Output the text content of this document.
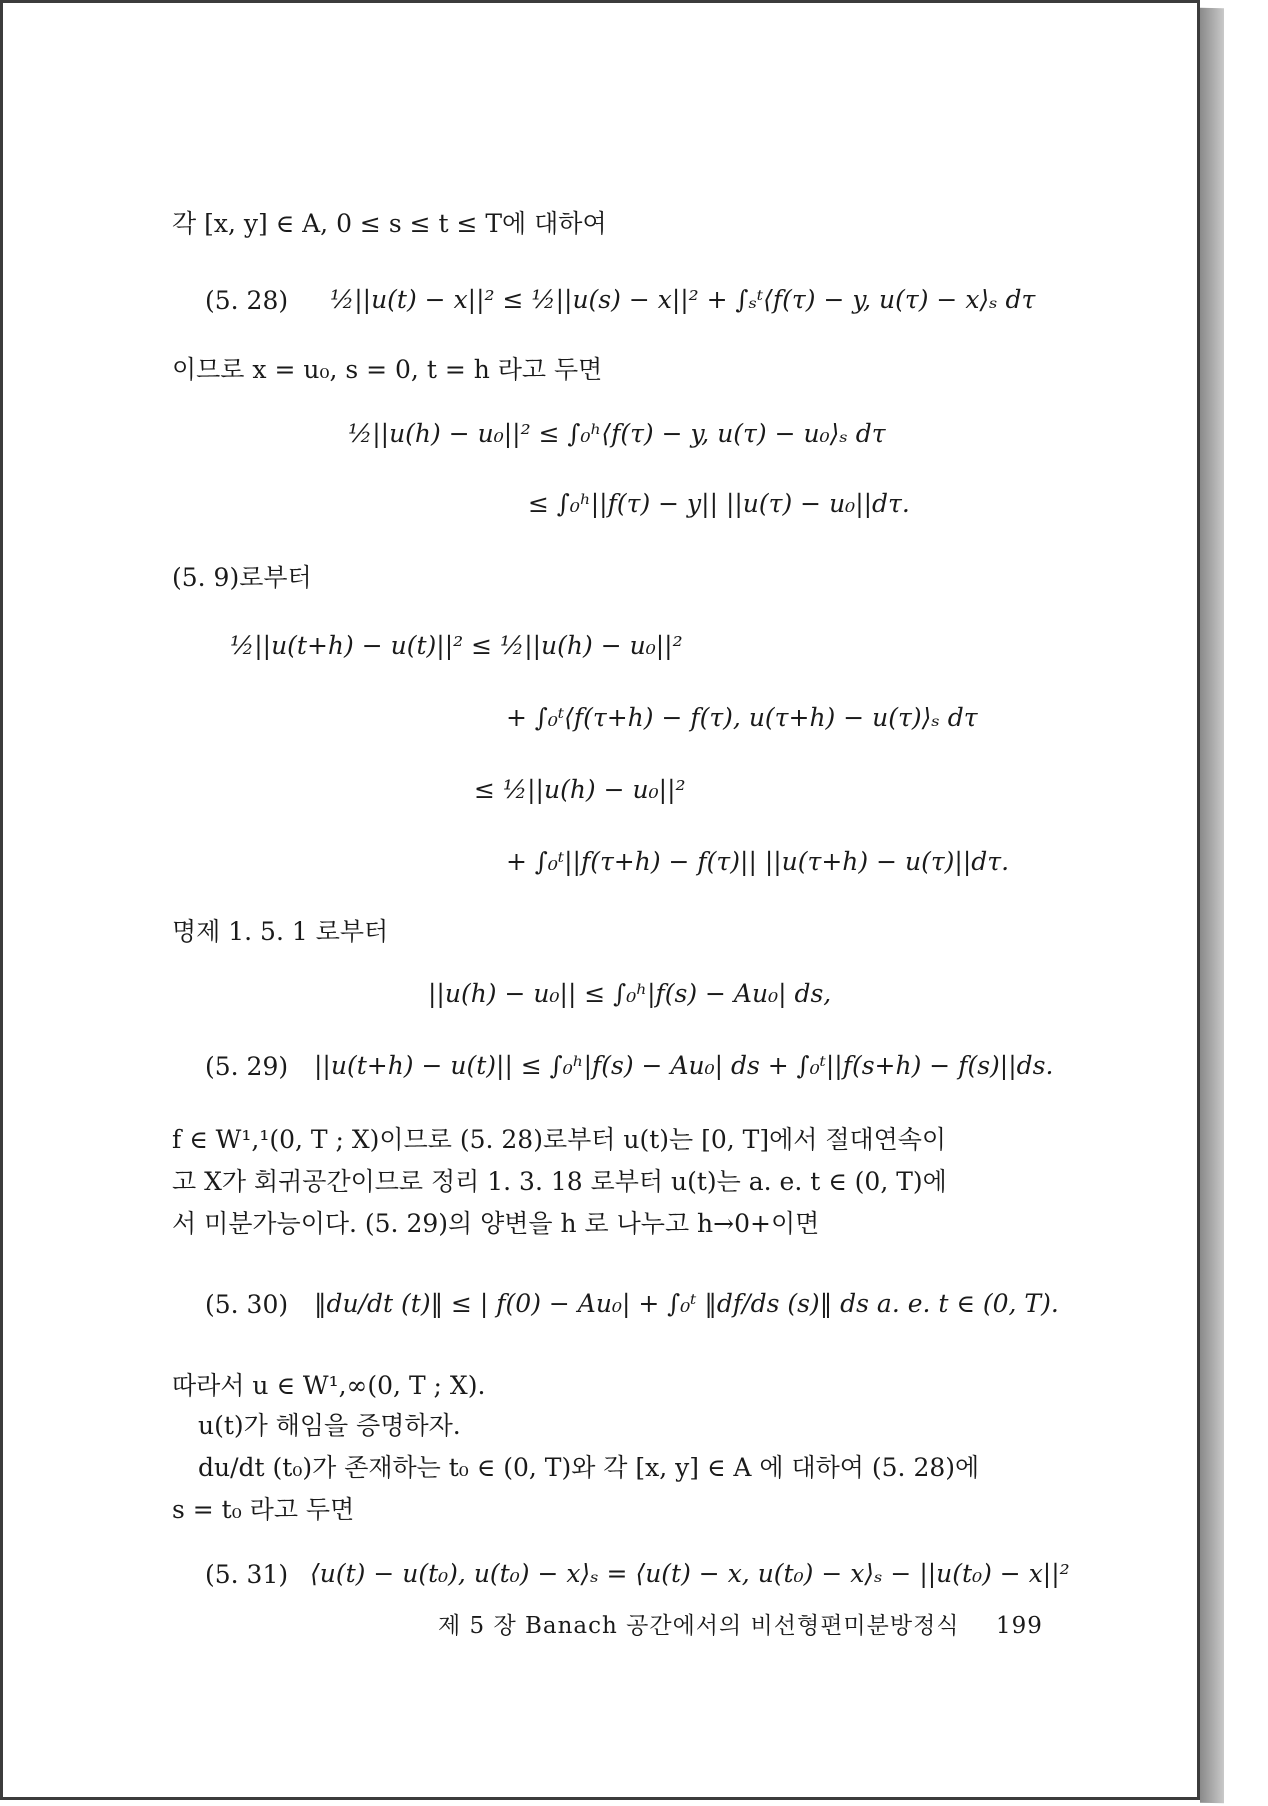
각 [x, y] ∈ A, 0 ≤ s ≤ t ≤ T에 대하여
(5. 28) ½||u(t) − x||² ≤ ½||u(s) − x||² + ∫ₛᵗ⟨f(τ) − y, u(τ) − x⟩ₛ dτ
이므로 x = u₀, s = 0, t = h 라고 두면
½||u(h) − u₀||² ≤ ∫₀ʰ⟨f(τ) − y, u(τ) − u₀⟩ₛ dτ
≤ ∫₀ʰ||f(τ) − y|| ||u(τ) − u₀||dτ.
(5. 9)로부터
½||u(t+h) − u(t)||² ≤ ½||u(h) − u₀||²
+ ∫₀ᵗ⟨f(τ+h) − f(τ), u(τ+h) − u(τ)⟩ₛ dτ
≤ ½||u(h) − u₀||²
+ ∫₀ᵗ||f(τ+h) − f(τ)|| ||u(τ+h) − u(τ)||dτ.
명제 1. 5. 1 로부터
||u(h) − u₀|| ≤ ∫₀ʰ|f(s) − Au₀| ds,
(5. 29) ||u(t+h) − u(t)|| ≤ ∫₀ʰ|f(s) − Au₀| ds + ∫₀ᵗ||f(s+h) − f(s)||ds.
f ∈ W¹,¹(0, T ; X)이므로 (5. 28)로부터 u(t)는 [0, T]에서 절대연속이
고 X가 회귀공간이므로 정리 1. 3. 18 로부터 u(t)는 a. e. t ∈ (0, T)에
서 미분가능이다. (5. 29)의 양변을 h 로 나누고 h→0+이면
(5. 30) ‖du/dt (t)‖ ≤ | f(0) − Au₀| + ∫₀ᵗ ‖df/ds (s)‖ ds a. e. t ∈ (0, T).
따라서 u ∈ W¹,∞(0, T ; X).
u(t)가 해임을 증명하자.
du/dt (t₀)가 존재하는 t₀ ∈ (0, T)와 각 [x, y] ∈ A 에 대하여 (5. 28)에
s = t₀ 라고 두면
(5. 31) ⟨u(t) − u(t₀), u(t₀) − x⟩ₛ = ⟨u(t) − x, u(t₀) − x⟩ₛ − ||u(t₀) − x||²
제 5 장 Banach 공간에서의 비선형편미분방정식 199
